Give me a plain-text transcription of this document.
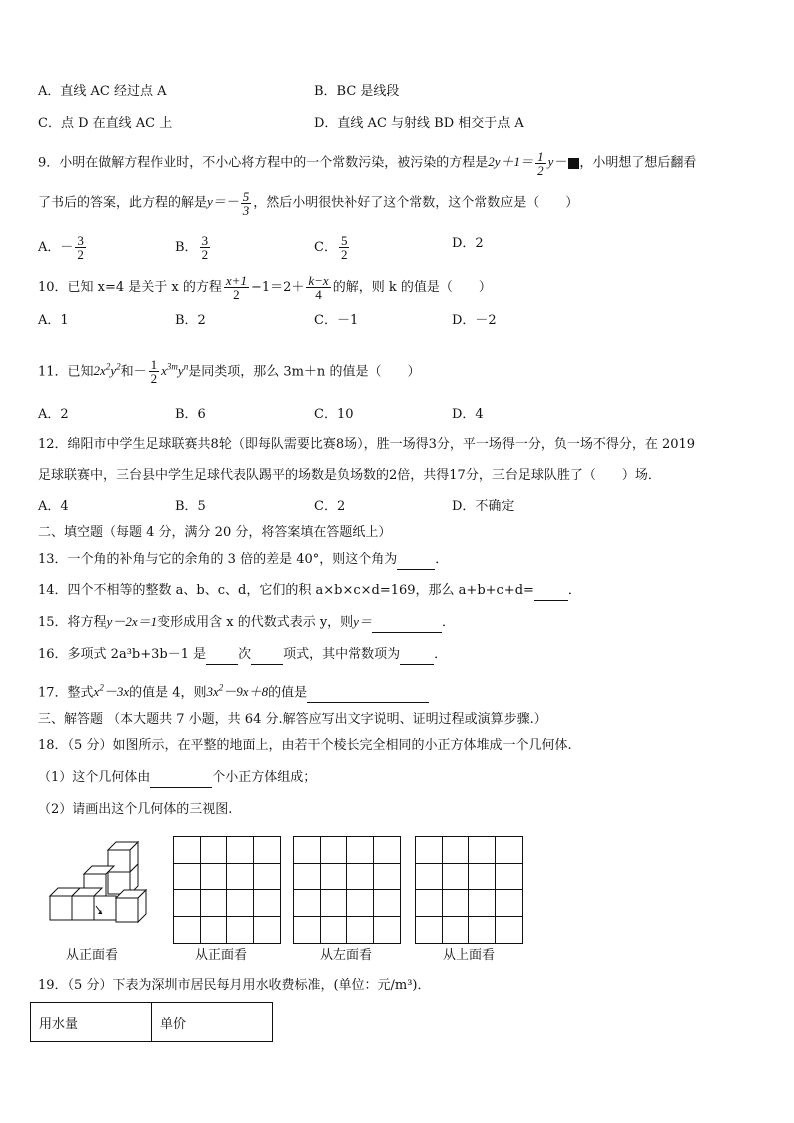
A．直线 AC 经过点 A	B．BC 是线段
C．点 D 在直线 AC 上	D．直线 AC 与射线 BD 相交于点 A
9．小明在做解方程作业时，不小心将方程中的一个常数污染，被污染的方程是$2y+1= \frac{1}{2} y-$ ，小明想了想后翻看
了书后的答案，此方程的解是$y=- \frac{5}{3}$ ，然后小明很快补好了这个常数，这个常数应是（　　）
A．－ $\frac{3}{2}$	B． $\frac{3}{2}$	C． $\frac{5}{2}$	D．2
10．已知 x=4 是关于 x 的方程 $\frac{x+1}{2} -1=2+ \frac{k-x}{4}$ 的解，则 k 的值是（　　）
A．1	B．2	C．－1	D．－2
11．已知$2x^2y^2$和－ $\frac{1}{2} x^{3m}y^n$是同类项，那么 3m＋n 的值是（　　）
A．2	B．6	C．10	D．4
12．绵阳市中学生足球联赛共8轮（即每队需要比赛8场），胜一场得3分，平一场得一分，负一场不得分，在 2019
足球联赛中，三台县中学生足球代表队踢平的场数是负场数的2倍，共得17分，三台足球队胜了（　　）场．
A．4	B．5	C．2	D．不确定
二、填空题（每题 4 分，满分 20 分，将答案填在答题纸上）
13．一个角的补角与它的余角的 3 倍的差是 40°，则这个角为	．
14．四个不相等的整数 a、b、c、d，它们的积 a×b×c×d=169，那么 a+b+c+d=	．
15．将方程y－2x＝1变形成用含 x 的代数式表示 y，则y＝	．
16．多项式 2a³b+3b－1 是 次 项式，其中常数项为	．
17．整式$x^2-3x$的值是 4，则$3x^2-9x+8$的值是
三、解答题 （本大题共 7 小题，共 64 分.解答应写出文字说明、证明过程或演算步骤.）
18．（5 分）如图所示，在平整的地面上，由若干个棱长完全相同的小正方体堆成一个几何体.
（1）这个几何体由	个小正方体组成；
（2）请画出这个几何体的三视图.
从正面看	从正面看	从左面看	从上面看
19．（5 分）下表为深圳市居民每月用水收费标准，(单位：元/m³)．
用水量	单价
